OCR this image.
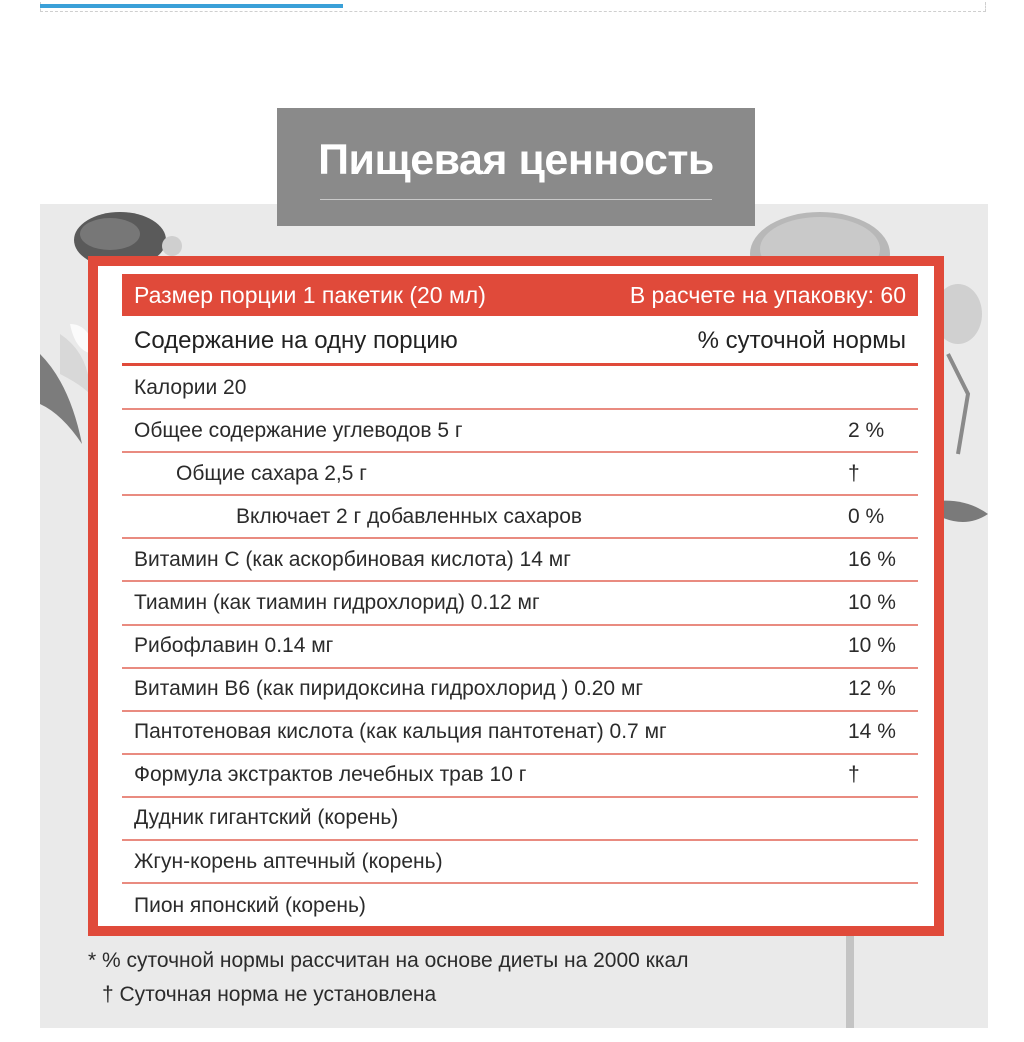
Пищевая ценность
Размер порции 1 пакетик (20 мл)	В расчете на упаковку: 60
Содержание на одну порцию	% суточной нормы
Калории 20
Общее содержание углеводов 5 г	2 %
Общие сахара 2,5 г	†
Включает 2 г добавленных сахаров	0 %
Витамин С (как аскорбиновая кислота) 14 мг	16 %
Тиамин (как тиамин гидрохлорид) 0.12 мг	10 %
Рибофлавин 0.14 мг	10 %
Витамин В6 (как пиридоксина гидрохлорид ) 0.20 мг	12 %
Пантотеновая кислота (как кальция пантотенат) 0.7 мг	14 %
Формула экстрактов лечебных трав 10 г	†
Дудник гигантский (корень)
Жгун-корень аптечный (корень)
Пион японский (корень)
* % суточной нормы рассчитан на основе диеты на 2000 ккал
† Суточная норма не установлена
